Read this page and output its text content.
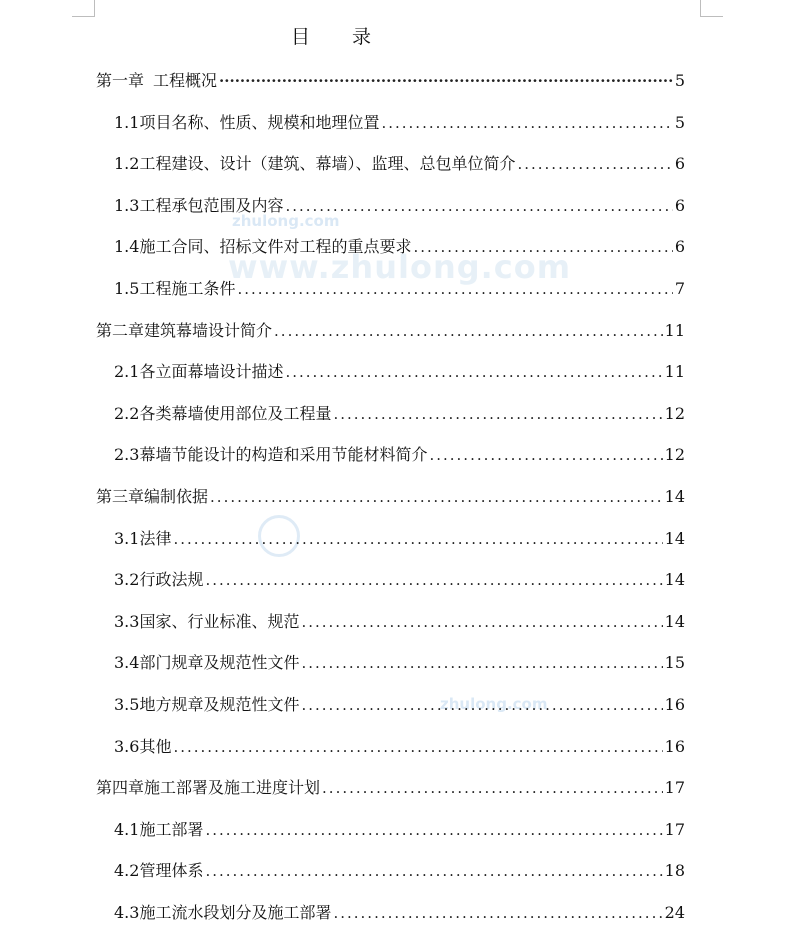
zhulong.com
www.zhulong.com
zhulong.com
目 录
第一章 工程概况 ·····	5
1.1 项目名称、性质、规模和地理位置 .....	5
1.2 工程建设、设计（建筑、幕墙）、监理、总包单位简介 .....	6
1.3 工程承包范围及内容 .....	6
1.4 施工合同、招标文件对工程的重点要求 .....	6
1.5 工程施工条件 .....	7
第二章 建筑幕墙设计简介 .....	11
2.1 各立面幕墙设计描述 .....	11
2.2 各类幕墙使用部位及工程量 .....	12
2.3 幕墙节能设计的构造和采用节能材料简介 .....	12
第三章 编制依据 .....	14
3.1 法律 .....	14
3.2 行政法规 .....	14
3.3 国家、行业标准、规范 .....	14
3.4 部门规章及规范性文件 .....	15
3.5 地方规章及规范性文件 .....	16
3.6 其他 .....	16
第四章 施工部署及施工进度计划 .....	17
4.1 施工部署 .....	17
4.2 管理体系 .....	18
4.3 施工流水段划分及施工部署 .....	24
